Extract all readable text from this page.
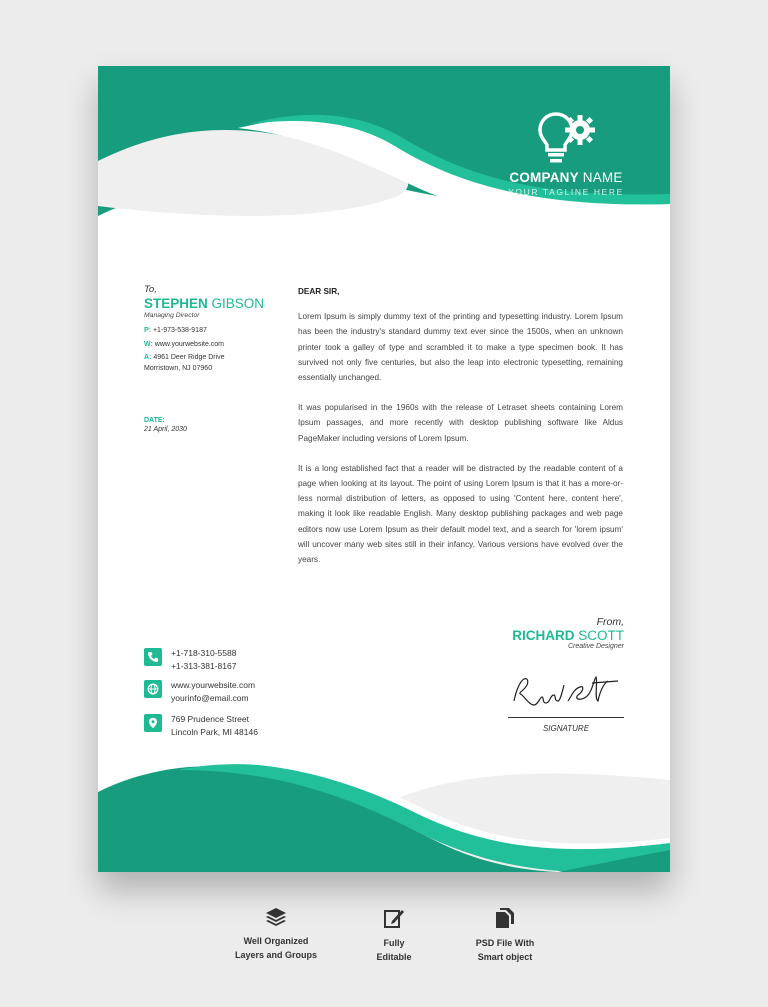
COMPANY NAME
YOUR TAGLINE HERE
To,
STEPHEN GIBSON
Managing Director
P: +1-973-538-9187
W: www.yourwebsite.com
A: 4961 Deer Ridge Drive
Morristown, NJ 07960
DATE:
21 April, 2030
DEAR SIR,

Lorem Ipsum is simply dummy text of the printing and typesetting industry. Lorem Ipsum has been the industry's standard dummy text ever since the 1500s, when an unknown printer took a galley of type and scrambled it to make a type specimen book. It has survived not only five centuries, but also the leap into electronic typesetting, remaining essentially unchanged.

It was popularised in the 1960s with the release of Letraset sheets containing Lorem Ipsum passages, and more recently with desktop publishing software like Aldus PageMaker including versions of Lorem Ipsum.

It is a long established fact that a reader will be distracted by the readable content of a page when looking at its layout. The point of using Lorem Ipsum is that it has a more-or-less normal distribution of letters, as opposed to using 'Content here, content here', making it look like readable English. Many desktop publishing packages and web page editors now use Lorem Ipsum as their default model text, and a search for 'lorem ipsum' will uncover many web sites still in their infancy. Various versions have evolved over the years.

+1-718-310-5588
+1-313-381-8167
www.yourwebsite.com
yourinfo@email.com
769 Prudence Street
Lincoln Park, MI 48146
From,
RICHARD SCOTT
Creative Designer
SIGNATURE
Well Organized
Layers and Groups
Fully
Editable
PSD File With
Smart object
